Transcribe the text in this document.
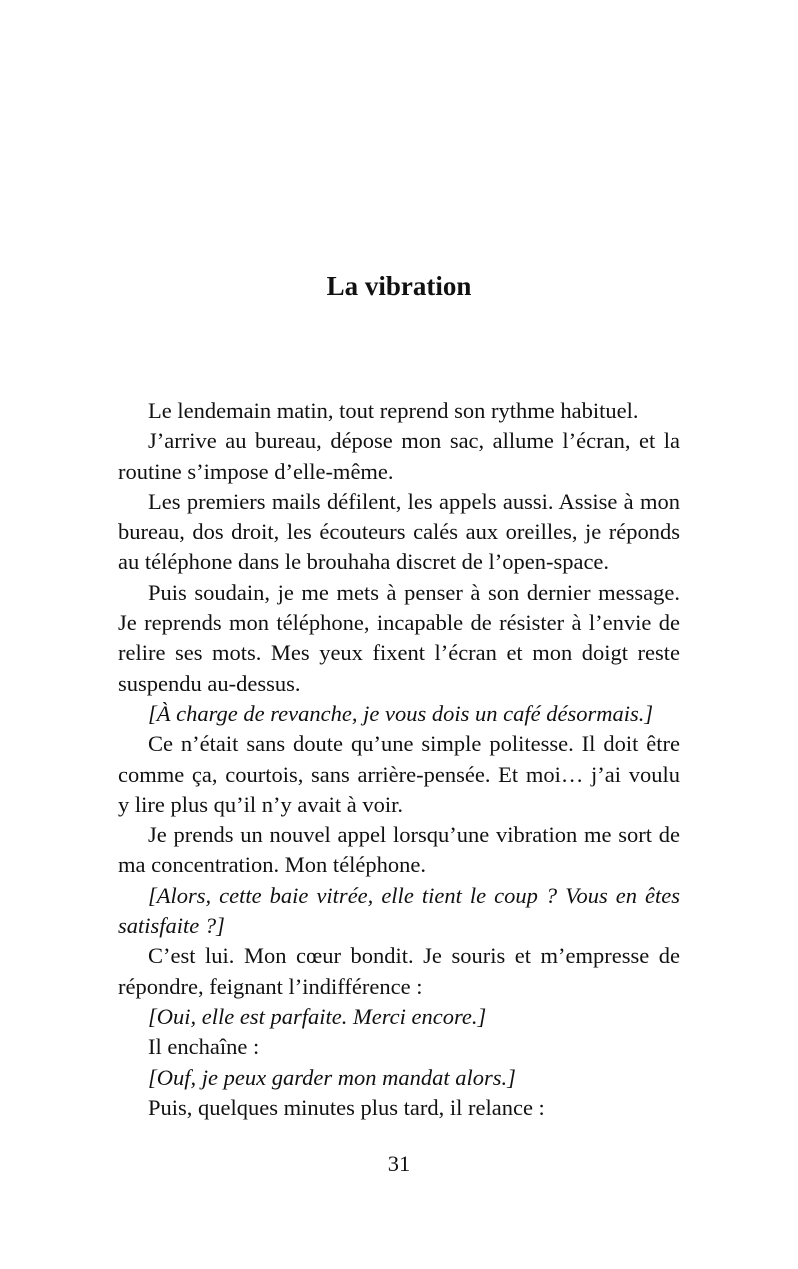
La vibration

Le lendemain matin, tout reprend son rythme habituel.

J’arrive au bureau, dépose mon sac, allume l’écran, et la routine s’impose d’elle-même.

Les premiers mails défilent, les appels aussi. Assise à mon bureau, dos droit, les écouteurs calés aux oreilles, je réponds au téléphone dans le brouhaha discret de l’open-space.

Puis soudain, je me mets à penser à son dernier message. Je reprends mon téléphone, incapable de résister à l’envie de relire ses mots. Mes yeux fixent l’écran et mon doigt reste suspendu au-dessus.

[À charge de revanche, je vous dois un café désormais.]

Ce n’était sans doute qu’une simple politesse. Il doit être comme ça, courtois, sans arrière-pensée. Et moi… j’ai voulu y lire plus qu’il n’y avait à voir.

Je prends un nouvel appel lorsqu’une vibration me sort de ma concentration. Mon téléphone.

[Alors, cette baie vitrée, elle tient le coup ? Vous en êtes satisfaite ?]

C’est lui. Mon cœur bondit. Je souris et m’empresse de répondre, feignant l’indifférence :

[Oui, elle est parfaite. Merci encore.]

Il enchaîne :

[Ouf, je peux garder mon mandat alors.]

Puis, quelques minutes plus tard, il relance :

31
